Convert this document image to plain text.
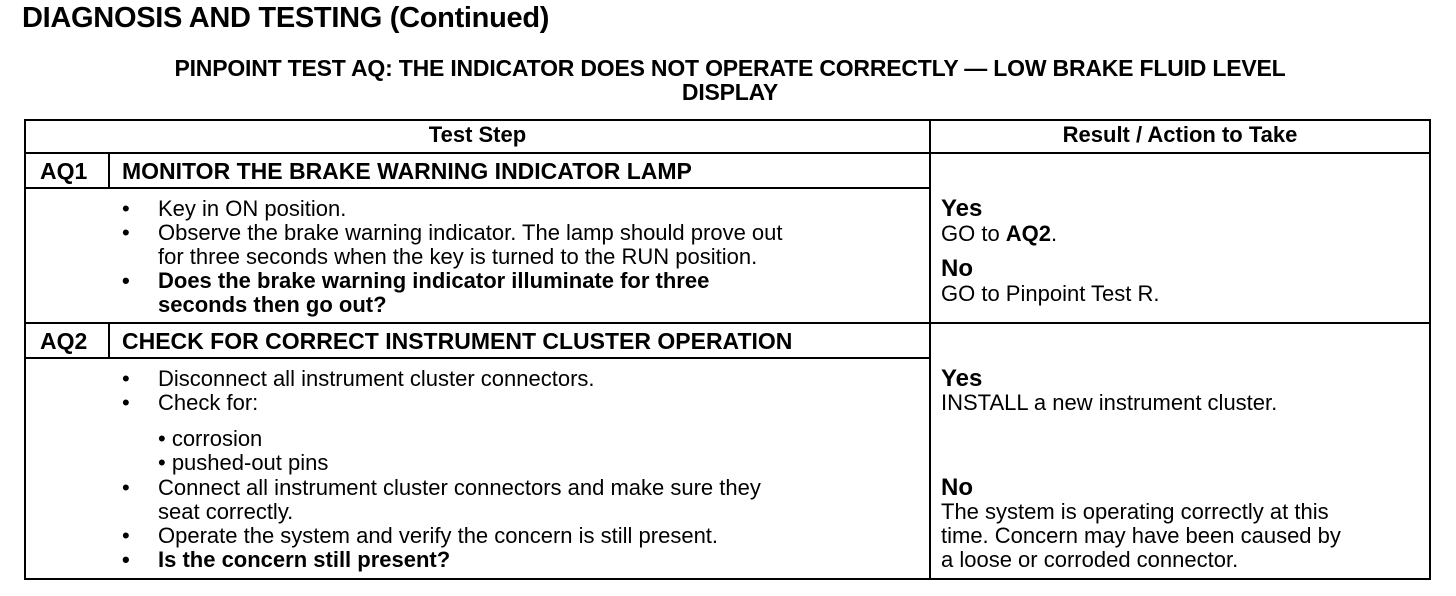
DIAGNOSIS AND TESTING (Continued)
PINPOINT TEST AQ: THE INDICATOR DOES NOT OPERATE CORRECTLY — LOW BRAKE FLUID LEVEL
DISPLAY
Test Step	Result / Action to Take
AQ1 MONITOR THE BRAKE WARNING INDICATOR LAMP
• Key in ON position.
• Observe the brake warning indicator. The lamp should prove out
for three seconds when the key is turned to the RUN position.
• Does the brake warning indicator illuminate for three
seconds then go out?
Yes
GO to AQ2.
No
GO to Pinpoint Test R.
AQ2 CHECK FOR CORRECT INSTRUMENT CLUSTER OPERATION
• Disconnect all instrument cluster connectors.
• Check for:
• corrosion
• pushed-out pins
• Connect all instrument cluster connectors and make sure they
seat correctly.
• Operate the system and verify the concern is still present.
• Is the concern still present?
Yes
INSTALL a new instrument cluster.
No
The system is operating correctly at this
time. Concern may have been caused by
a loose or corroded connector.
